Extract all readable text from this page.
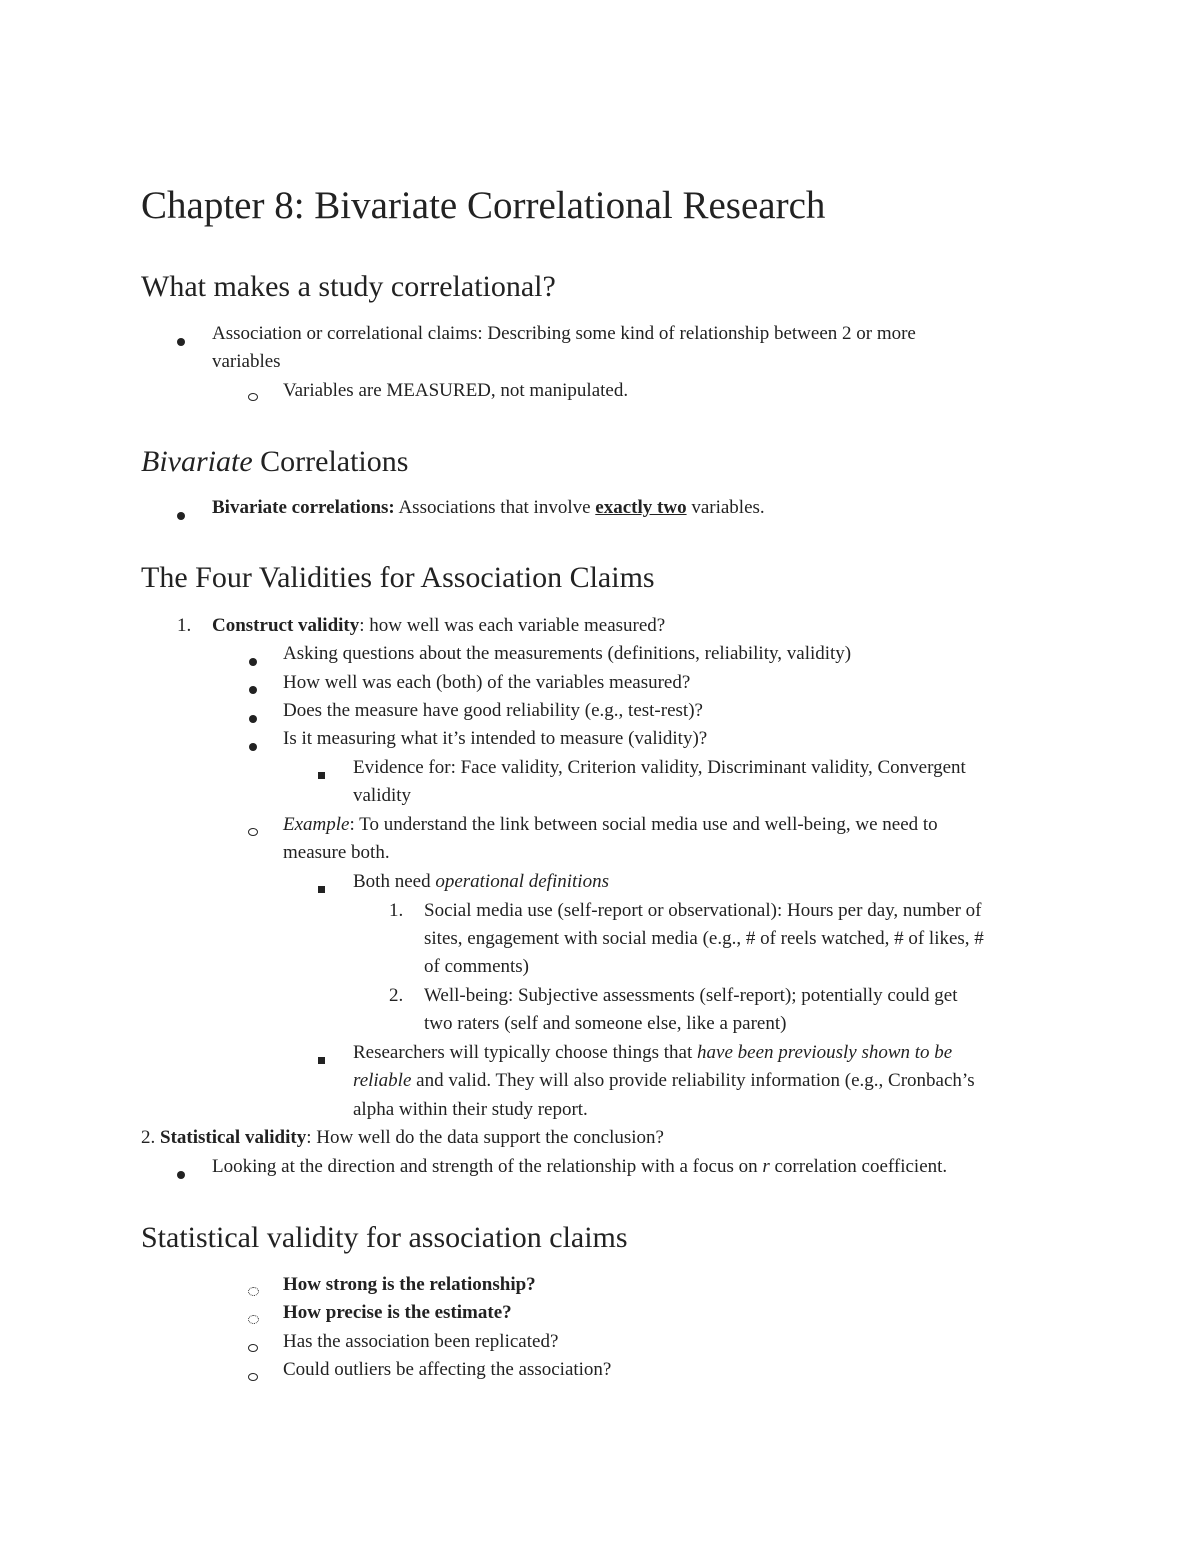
Chapter 8: Bivariate Correlational Research
What makes a study correlational?
Association or correlational claims: Describing some kind of relationship between 2 or more
variables
Variables are MEASURED, not manipulated.
Bivariate Correlations
Bivariate correlations: Associations that involve exactly two variables.
The Four Validities for Association Claims
1. Construct validity: how well was each variable measured?
Asking questions about the measurements (definitions, reliability, validity)
How well was each (both) of the variables measured?
Does the measure have good reliability (e.g., test-rest)?
Is it measuring what it’s intended to measure (validity)?
Evidence for: Face validity, Criterion validity, Discriminant validity, Convergent
validity
Example: To understand the link between social media use and well-being, we need to
measure both.
Both need operational definitions
1. Social media use (self-report or observational): Hours per day, number of
sites, engagement with social media (e.g., # of reels watched, # of likes, #
of comments)
2. Well-being: Subjective assessments (self-report); potentially could get
two raters (self and someone else, like a parent)
Researchers will typically choose things that have been previously shown to be
reliable and valid. They will also provide reliability information (e.g., Cronbach’s
alpha within their study report.
2. Statistical validity: How well do the data support the conclusion?
Looking at the direction and strength of the relationship with a focus on r correlation coefficient.
Statistical validity for association claims
How strong is the relationship?
How precise is the estimate?
Has the association been replicated?
Could outliers be affecting the association?
